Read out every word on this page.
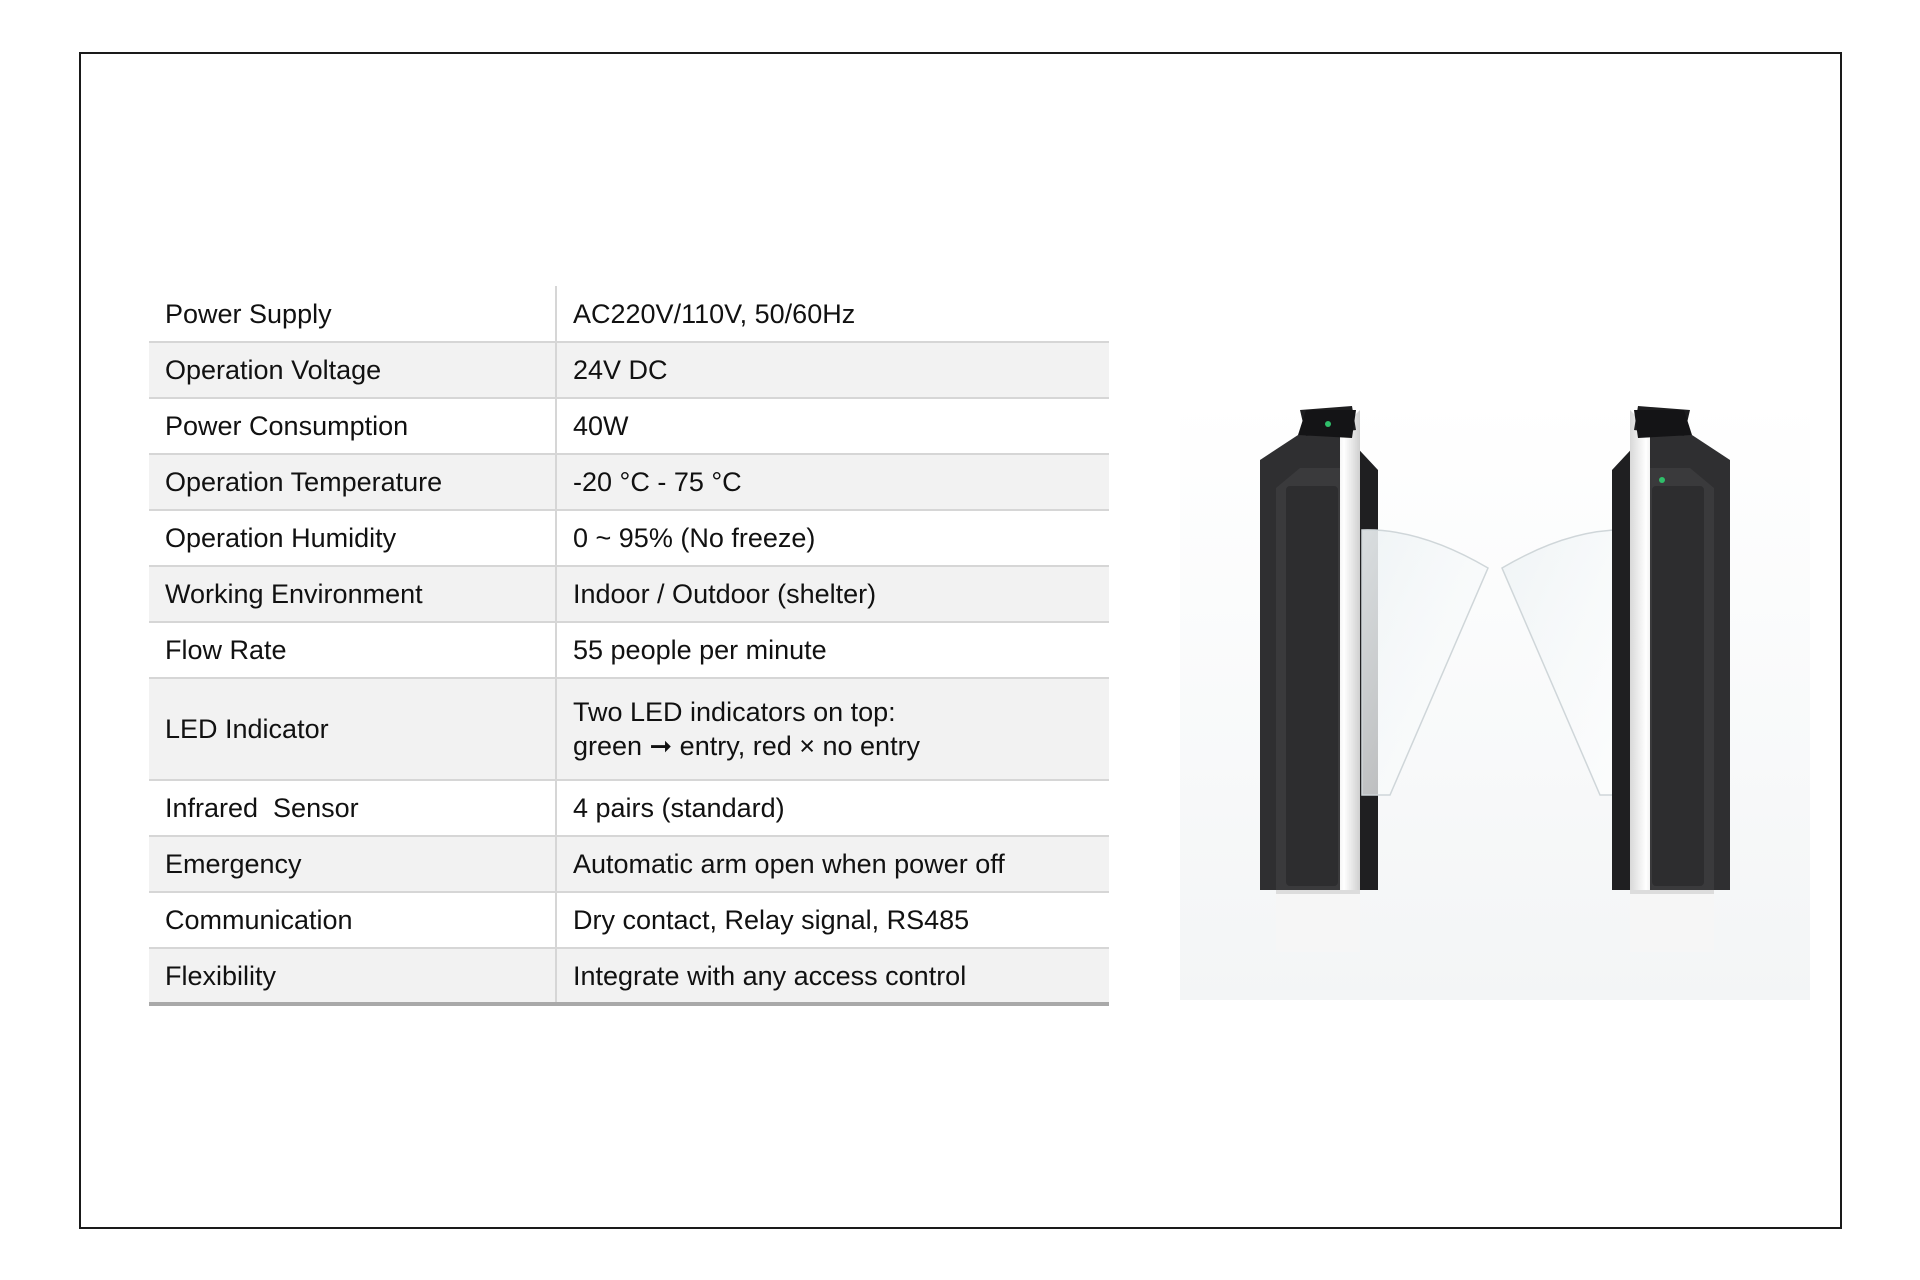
Power Supply	AC220V/110V, 50/60Hz
Operation Voltage	24V DC
Power Consumption	40W
Operation Temperature	-20 °C - 75 °C
Operation Humidity	0 ~ 95% (No freeze)
Working Environment	Indoor / Outdoor (shelter)
Flow Rate	55 people per minute
LED Indicator	Two LED indicators on top:
green ➞ entry, red × no entry

Infrared  Sensor	4 pairs (standard)
Emergency	Automatic arm open when power off
Communication	Dry contact, Relay signal, RS485
Flexibility	Integrate with any access control
